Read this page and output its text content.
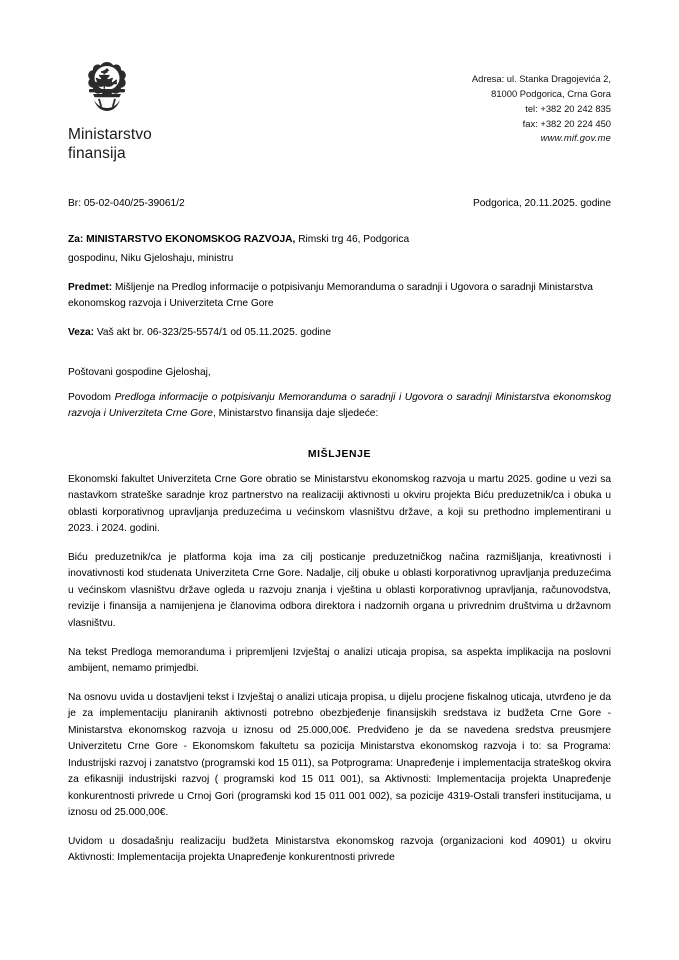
Ministarstvo
finansija
Adresa: ul. Stanka Dragojevića 2,
81000 Podgorica, Crna Gora
tel: +382 20 242 835
fax: +382 20 224 450
www.mif.gov.me
Br: 05-02-040/25-39061/2	Podgorica, 20.11.2025. godine
Za: MINISTARSTVO EKONOMSKOG RAZVOJA, Rimski trg 46, Podgorica
gospodinu, Niku Gjeloshaju, ministru
Predmet: Mišljenje na Predlog informacije o potpisivanju Memoranduma o saradnji i Ugovora o saradnji Ministarstva ekonomskog razvoja i Univerziteta Crne Gore
Veza: Vaš akt br. 06-323/25-5574/1 od 05.11.2025. godine
Poštovani gospodine Gjeloshaj,
Povodom Predloga informacije o potpisivanju Memoranduma o saradnji i Ugovora o saradnji Ministarstva ekonomskog razvoja i Univerziteta Crne Gore, Ministarstvo finansija daje sljedeće:
MIŠLJENJE
Ekonomski fakultet Univerziteta Crne Gore obratio se Ministarstvu ekonomskog razvoja u martu 2025. godine u vezi sa nastavkom strateške saradnje kroz partnerstvo na realizaciji aktivnosti u okviru projekta Biću preduzetnik/ca i obuka u oblasti korporativnog upravljanja preduzećima u većinskom vlasništvu države, a koji su prethodno implementirani u 2023. i 2024. godini.
Biću preduzetnik/ca je platforma koja ima za cilj posticanje preduzetničkog načina razmišljanja, kreativnosti i inovativnosti kod studenata Univerziteta Crne Gore. Nadalje, cilj obuke u oblasti korporativnog upravljanja preduzećima u većinskom vlasništvu države ogleda u razvoju znanja i vještina u oblasti korporativnog upravljanja, računovodstva, revizije i finansija a namijenjena je članovima odbora direktora i nadzornih organa u privrednim društvima u državnom vlasništvu.
Na tekst Predloga memoranduma i pripremljeni Izvještaj o analizi uticaja propisa, sa aspekta implikacija na poslovni ambijent, nemamo primjedbi.
Na osnovu uvida u dostavljeni tekst i Izvještaj o analizi uticaja propisa, u dijelu procjene fiskalnog uticaja, utvrđeno je da je za implementaciju planiranih aktivnosti potrebno obezbjeđenje finansijskih sredstava iz budžeta Crne Gore - Ministarstva ekonomskog razvoja u iznosu od 25.000,00€. Predviđeno je da se navedena sredstva preusmjere Univerzitetu Crne Gore - Ekonomskom fakultetu sa pozicija Ministarstva ekonomskog razvoja i to: sa Programa: Industrijski razvoj i zanatstvo (programski kod 15 011), sa Potprograma: Unapređenje i implementacija strateškog okvira za efikasniji industrijski razvoj ( programski kod 15 011 001), sa Aktivnosti: Implementacija projekta Unapređenje konkurentnosti privrede u Crnoj Gori (programski kod 15 011 001 002), sa pozicije 4319-Ostali transferi institucijama, u iznosu od 25.000,00€.
Uvidom u dosadašnju realizaciju budžeta Ministarstva ekonomskog razvoja (organizacioni kod 40901) u okviru Aktivnosti: Implementacija projekta Unapređenje konkurentnosti privrede
